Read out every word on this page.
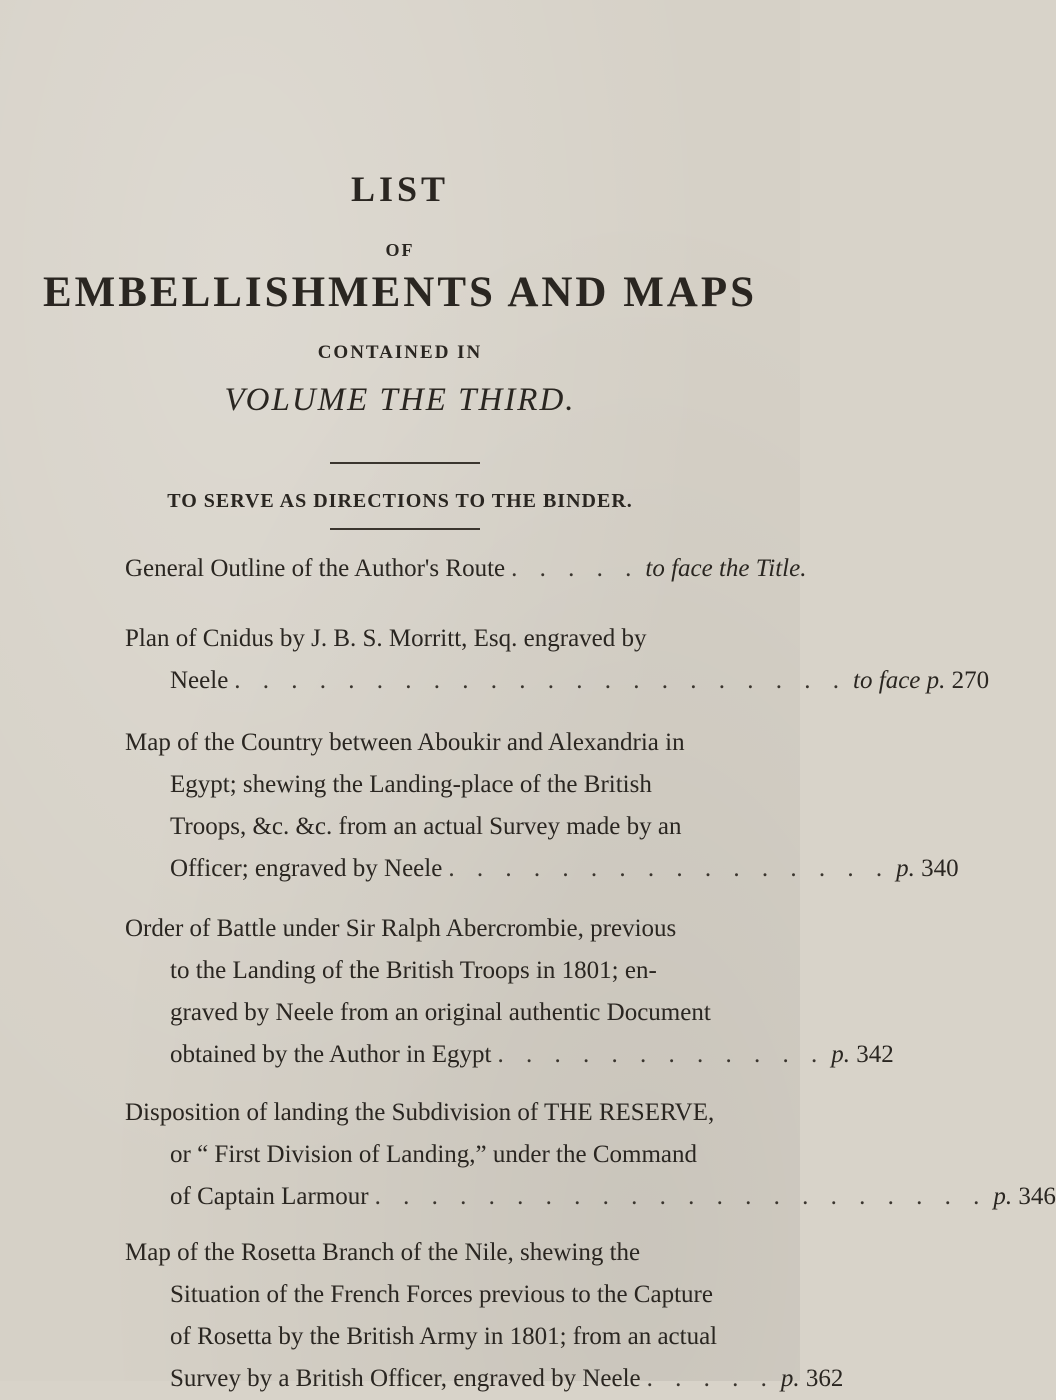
LIST
OF
EMBELLISHMENTS AND MAPS
CONTAINED IN
VOLUME THE THIRD.
TO SERVE AS DIRECTIONS TO THE BINDER.
General Outline of the Author's Route . . . . . to face the Title.
Plan of Cnidus by J. B. S. Morritt, Esq. engraved by
Neele . . . . . . . . . . . . . . . . . . . . . . to face p. 270
Map of the Country between Aboukir and Alexandria in
Egypt; shewing the Landing-place of the British
Troops, &c. &c. from an actual Survey made by an
Officer; engraved by Neele . . . . . . . . . . . . . . . . p. 340
Order of Battle under Sir Ralph Abercrombie, previous
to the Landing of the British Troops in 1801; en-
graved by Neele from an original authentic Document
obtained by the Author in Egypt . . . . . . . . . . . . p. 342
Disposition of landing the Subdivision of THE RESERVE,
or “ First Division of Landing,” under the Command
of Captain Larmour . . . . . . . . . . . . . . . . . . . . . . p. 346
Map of the Rosetta Branch of the Nile, shewing the
Situation of the French Forces previous to the Capture
of Rosetta by the British Army in 1801; from an actual
Survey by a British Officer, engraved by Neele . . . . . p. 362
